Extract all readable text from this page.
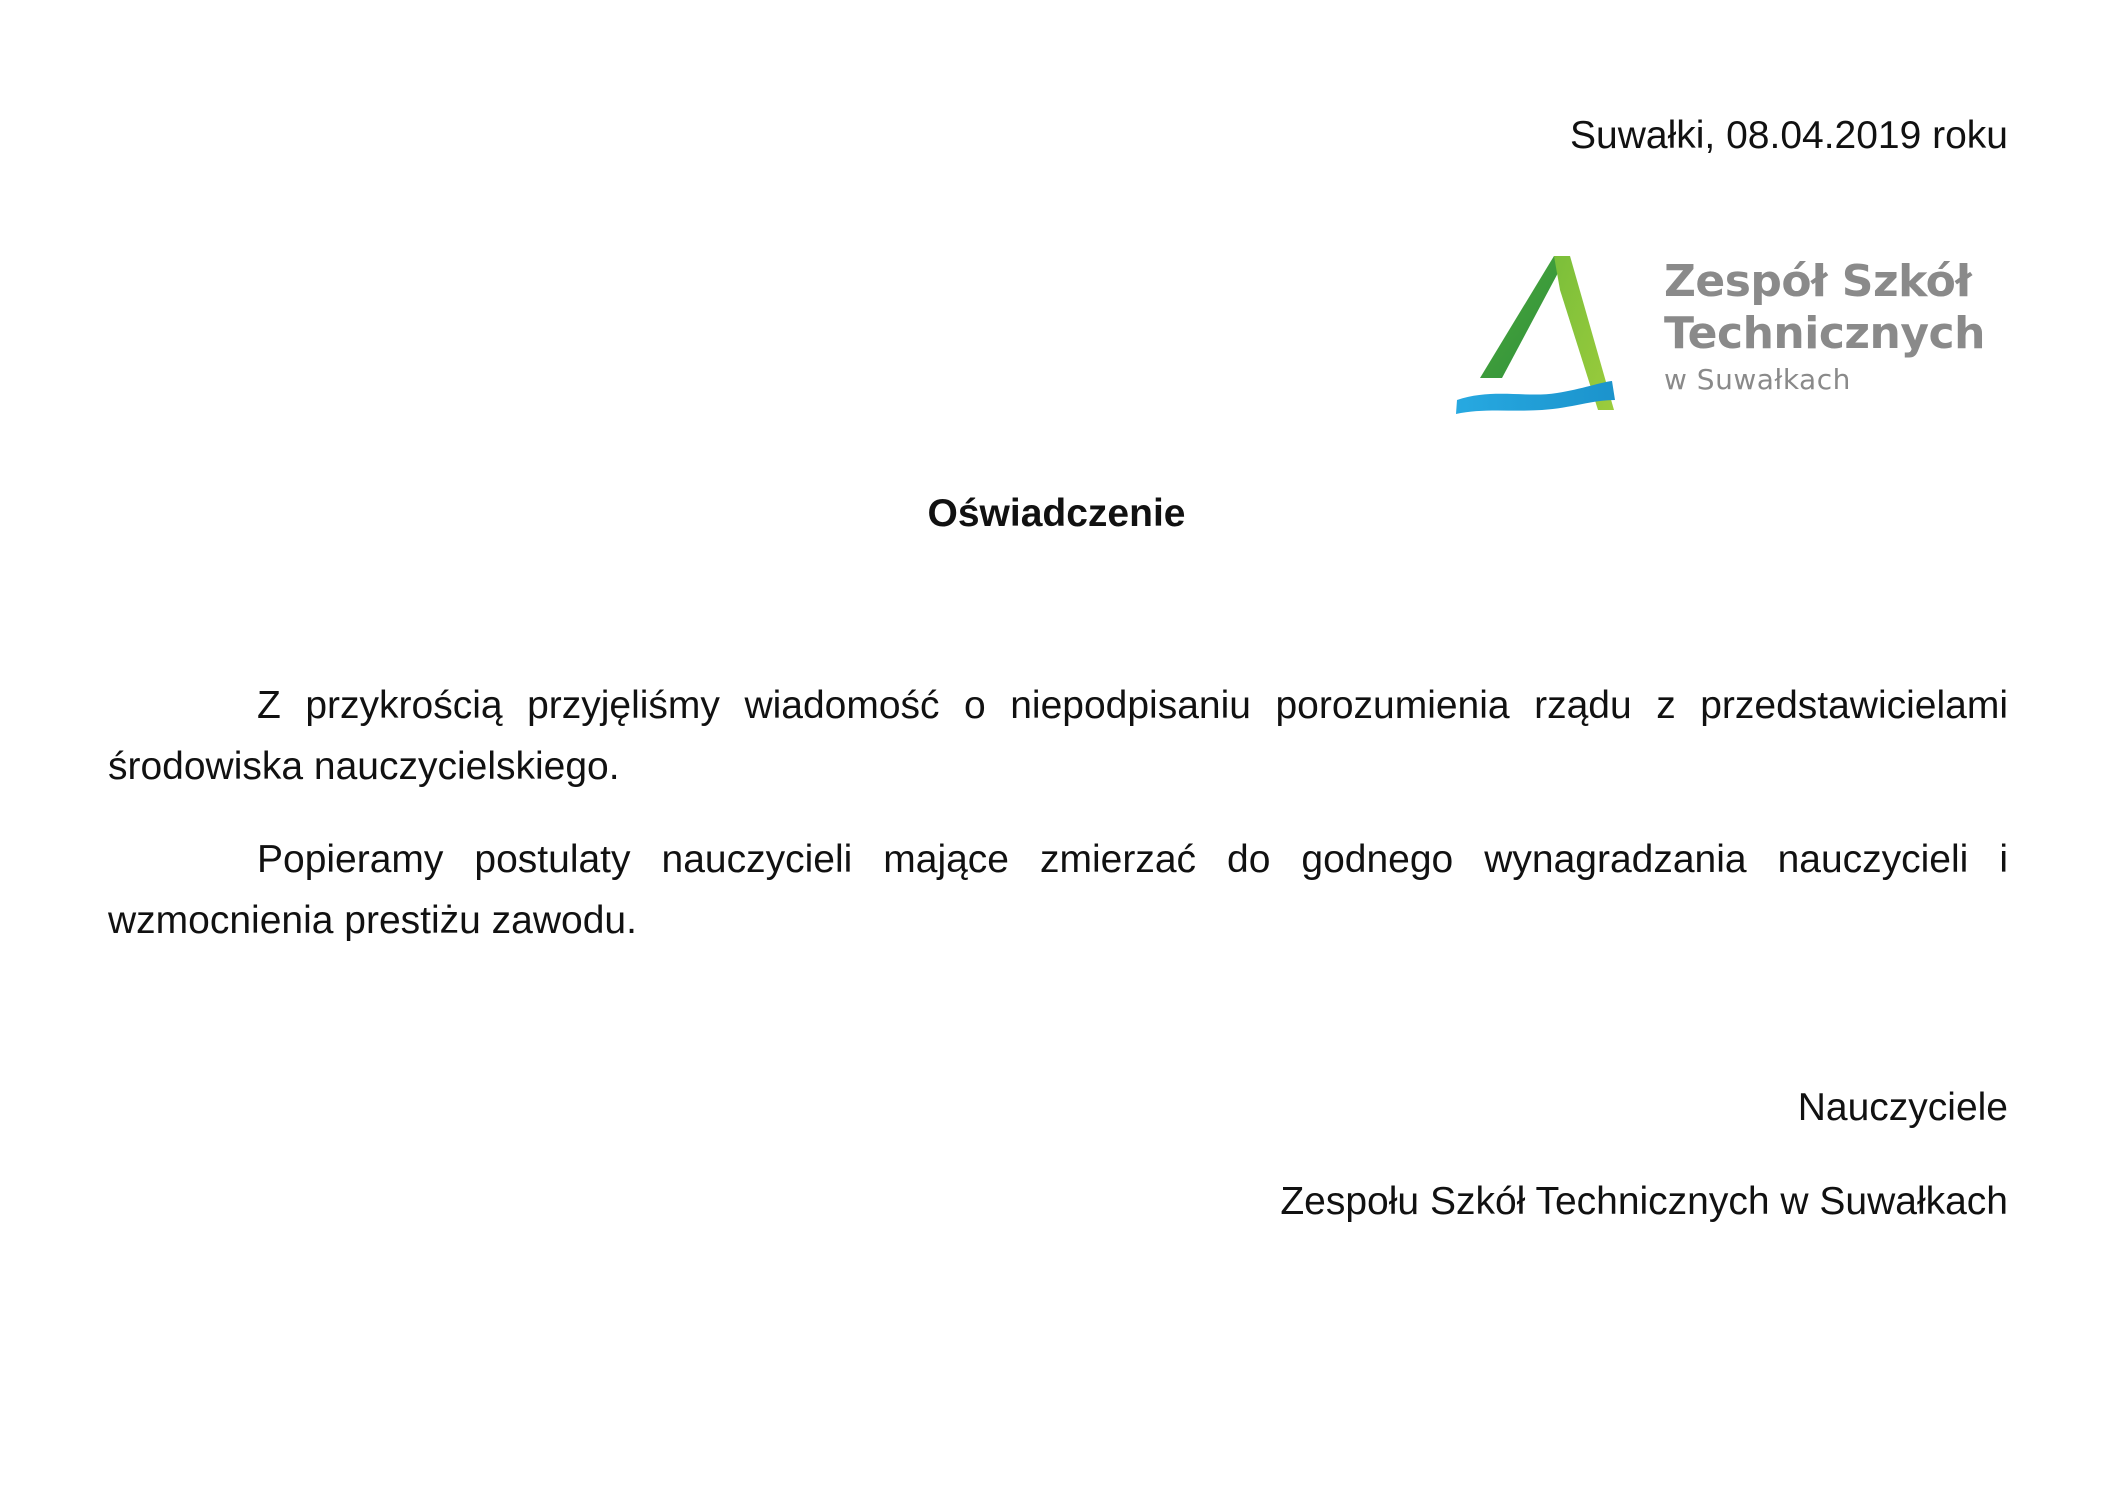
Suwałki, 08.04.2019 roku
Zespół Szkół
Technicznych
w Suwałkach
Oświadczenie
Z przykrością przyjęliśmy wiadomość o niepodpisaniu porozumienia rządu z przedstawicielami środowiska nauczycielskiego.
Popieramy postulaty nauczycieli mające zmierzać do godnego wynagradzania nauczycieli i wzmocnienia prestiżu zawodu.
Nauczyciele
Zespołu Szkół Technicznych w Suwałkach
